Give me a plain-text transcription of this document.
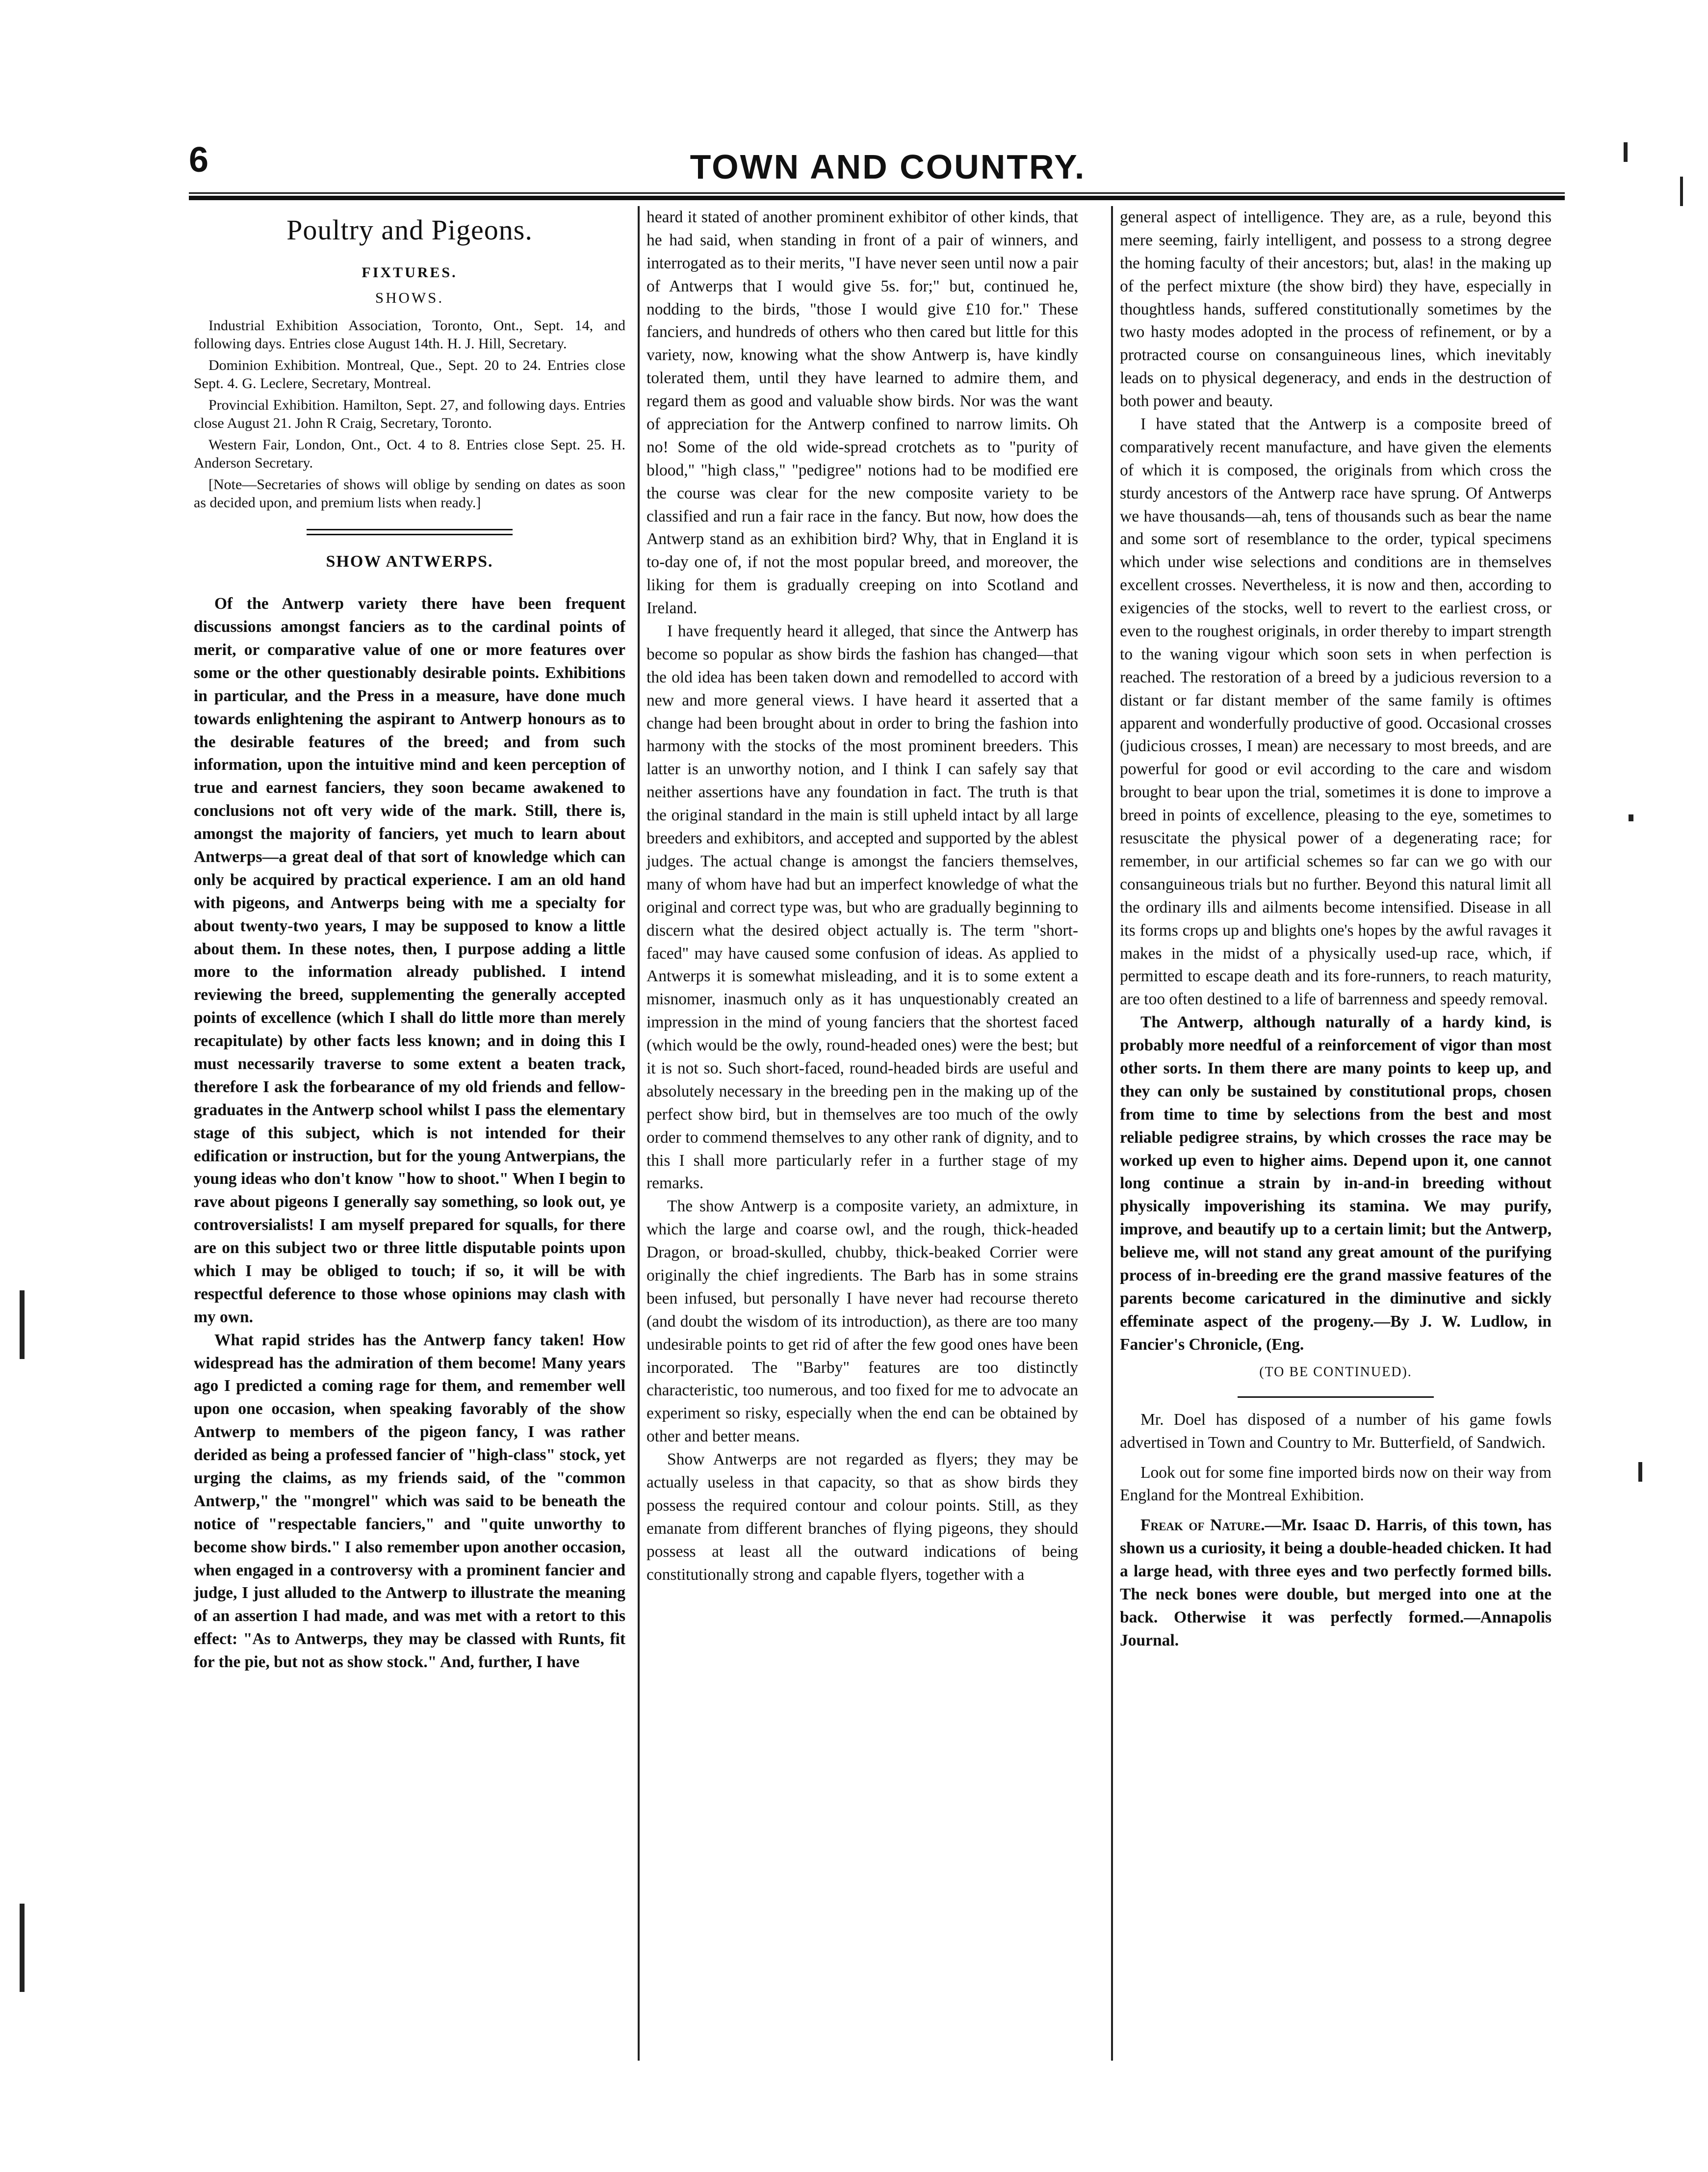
6	TOWN AND COUNTRY.
Poultry and Pigeons.
FIXTURES.
SHOWS.

Industrial Exhibition Association, Toronto, Ont., Sept. 14, and following days. Entries close August 14th. H. J. Hill, Secretary.

Dominion Exhibition. Montreal, Que., Sept. 20 to 24. Entries close Sept. 4. G. Leclere, Secretary, Montreal.

Provincial Exhibition. Hamilton, Sept. 27, and following days. Entries close August 21. John R Craig, Secretary, Toronto.

Western Fair, London, Ont., Oct. 4 to 8. Entries close Sept. 25. H. Anderson Secretary.

[Note—Secretaries of shows will oblige by sending on dates as soon as decided upon, and premium lists when ready.]

SHOW ANTWERPS.

Of the Antwerp variety there have been frequent discussions amongst fanciers as to the cardinal points of merit, or comparative value of one or more features over some or the other questionably desirable points. Exhibitions in particular, and the Press in a measure, have done much towards enlightening the aspirant to Antwerp honours as to the desirable features of the breed; and from such information, upon the intuitive mind and keen perception of true and earnest fanciers, they soon became awakened to conclusions not oft very wide of the mark. Still, there is, amongst the majority of fanciers, yet much to learn about Antwerps—a great deal of that sort of knowledge which can only be acquired by practical experience. I am an old hand with pigeons, and Antwerps being with me a specialty for about twenty-two years, I may be supposed to know a little about them. In these notes, then, I purpose adding a little more to the information already published. I intend reviewing the breed, supplementing the generally accepted points of excellence (which I shall do little more than merely recapitulate) by other facts less known; and in doing this I must necessarily traverse to some extent a beaten track, therefore I ask the forbearance of my old friends and fellow-graduates in the Antwerp school whilst I pass the elementary stage of this subject, which is not intended for their edification or instruction, but for the young Antwerpians, the young ideas who don't know "how to shoot." When I begin to rave about pigeons I generally say something, so look out, ye controversialists! I am myself prepared for squalls, for there are on this subject two or three little disputable points upon which I may be obliged to touch; if so, it will be with respectful deference to those whose opinions may clash with my own.

What rapid strides has the Antwerp fancy taken! How widespread has the admiration of them become! Many years ago I predicted a coming rage for them, and remember well upon one occasion, when speaking favorably of the show Antwerp to members of the pigeon fancy, I was rather derided as being a professed fancier of "high-class" stock, yet urging the claims, as my friends said, of the "common Antwerp," the "mongrel" which was said to be beneath the notice of "respectable fanciers," and "quite unworthy to become show birds." I also remember upon another occasion, when engaged in a controversy with a prominent fancier and judge, I just alluded to the Antwerp to illustrate the meaning of an assertion I had made, and was met with a retort to this effect: "As to Antwerps, they may be classed with Runts, fit for the pie, but not as show stock." And, further, I have

heard it stated of another prominent exhibitor of other kinds, that he had said, when standing in front of a pair of winners, and interrogated as to their merits, "I have never seen until now a pair of Antwerps that I would give 5s. for;" but, continued he, nodding to the birds, "those I would give £10 for." These fanciers, and hundreds of others who then cared but little for this variety, now, knowing what the show Antwerp is, have kindly tolerated them, until they have learned to admire them, and regard them as good and valuable show birds. Nor was the want of appreciation for the Antwerp confined to narrow limits. Oh no! Some of the old wide-spread crotchets as to "purity of blood," "high class," "pedigree" notions had to be modified ere the course was clear for the new composite variety to be classified and run a fair race in the fancy. But now, how does the Antwerp stand as an exhibition bird? Why, that in England it is to-day one of, if not the most popular breed, and moreover, the liking for them is gradually creeping on into Scotland and Ireland.

I have frequently heard it alleged, that since the Antwerp has become so popular as show birds the fashion has changed—that the old idea has been taken down and remodelled to accord with new and more general views. I have heard it asserted that a change had been brought about in order to bring the fashion into harmony with the stocks of the most prominent breeders. This latter is an unworthy notion, and I think I can safely say that neither assertions have any foundation in fact. The truth is that the original standard in the main is still upheld intact by all large breeders and exhibitors, and accepted and supported by the ablest judges. The actual change is amongst the fanciers themselves, many of whom have had but an imperfect knowledge of what the original and correct type was, but who are gradually beginning to discern what the desired object actually is. The term "short-faced" may have caused some confusion of ideas. As applied to Antwerps it is somewhat misleading, and it is to some extent a misnomer, inasmuch only as it has unquestionably created an impression in the mind of young fanciers that the shortest faced (which would be the owly, round-headed ones) were the best; but it is not so. Such short-faced, round-headed birds are useful and absolutely necessary in the breeding pen in the making up of the perfect show bird, but in themselves are too much of the owly order to commend themselves to any other rank of dignity, and to this I shall more particularly refer in a further stage of my remarks.

The show Antwerp is a composite variety, an admixture, in which the large and coarse owl, and the rough, thick-headed Dragon, or broad-skulled, chubby, thick-beaked Corrier were originally the chief ingredients. The Barb has in some strains been infused, but personally I have never had recourse thereto (and doubt the wisdom of its introduction), as there are too many undesirable points to get rid of after the few good ones have been incorporated. The "Barby" features are too distinctly characteristic, too numerous, and too fixed for me to advocate an experiment so risky, especially when the end can be obtained by other and better means.

Show Antwerps are not regarded as flyers; they may be actually useless in that capacity, so that as show birds they possess the required contour and colour points. Still, as they emanate from different branches of flying pigeons, they should possess at least all the outward indications of being constitutionally strong and capable flyers, together with a

general aspect of intelligence. They are, as a rule, beyond this mere seeming, fairly intelligent, and possess to a strong degree the homing faculty of their ancestors; but, alas! in the making up of the perfect mixture (the show bird) they have, especially in thoughtless hands, suffered constitutionally sometimes by the two hasty modes adopted in the process of refinement, or by a protracted course on consanguineous lines, which inevitably leads on to physical degeneracy, and ends in the destruction of both power and beauty.

I have stated that the Antwerp is a composite breed of comparatively recent manufacture, and have given the elements of which it is composed, the originals from which cross the sturdy ancestors of the Antwerp race have sprung. Of Antwerps we have thousands—ah, tens of thousands such as bear the name and some sort of resemblance to the order, typical specimens which under wise selections and conditions are in themselves excellent crosses. Nevertheless, it is now and then, according to exigencies of the stocks, well to revert to the earliest cross, or even to the roughest originals, in order thereby to impart strength to the waning vigour which soon sets in when perfection is reached. The restoration of a breed by a judicious reversion to a distant or far distant member of the same family is oftimes apparent and wonderfully productive of good. Occasional crosses (judicious crosses, I mean) are necessary to most breeds, and are powerful for good or evil according to the care and wisdom brought to bear upon the trial, sometimes it is done to improve a breed in points of excellence, pleasing to the eye, sometimes to resuscitate the physical power of a degenerating race; for remember, in our artificial schemes so far can we go with our consanguineous trials but no further. Beyond this natural limit all the ordinary ills and ailments become intensified. Disease in all its forms crops up and blights one's hopes by the awful ravages it makes in the midst of a physically used-up race, which, if permitted to escape death and its fore-runners, to reach maturity, are too often destined to a life of barrenness and speedy removal.

The Antwerp, although naturally of a hardy kind, is probably more needful of a reinforcement of vigor than most other sorts. In them there are many points to keep up, and they can only be sustained by constitutional props, chosen from time to time by selections from the best and most reliable pedigree strains, by which crosses the race may be worked up even to higher aims. Depend upon it, one cannot long continue a strain by in-and-in breeding without physically impoverishing its stamina. We may purify, improve, and beautify up to a certain limit; but the Antwerp, believe me, will not stand any great amount of the purifying process of in-breeding ere the grand massive features of the parents become caricatured in the diminutive and sickly effeminate aspect of the progeny.—By J. W. Ludlow, in Fancier's Chronicle, (Eng.

(TO BE CONTINUED).

Mr. Doel has disposed of a number of his game fowls advertised in Town and Country to Mr. Butterfield, of Sandwich.

Look out for some fine imported birds now on their way from England for the Montreal Exhibition.

Freak of Nature.—Mr. Isaac D. Harris, of this town, has shown us a curiosity, it being a double-headed chicken. It had a large head, with three eyes and two perfectly formed bills. The neck bones were double, but merged into one at the back. Otherwise it was perfectly formed.—Annapolis Journal.
